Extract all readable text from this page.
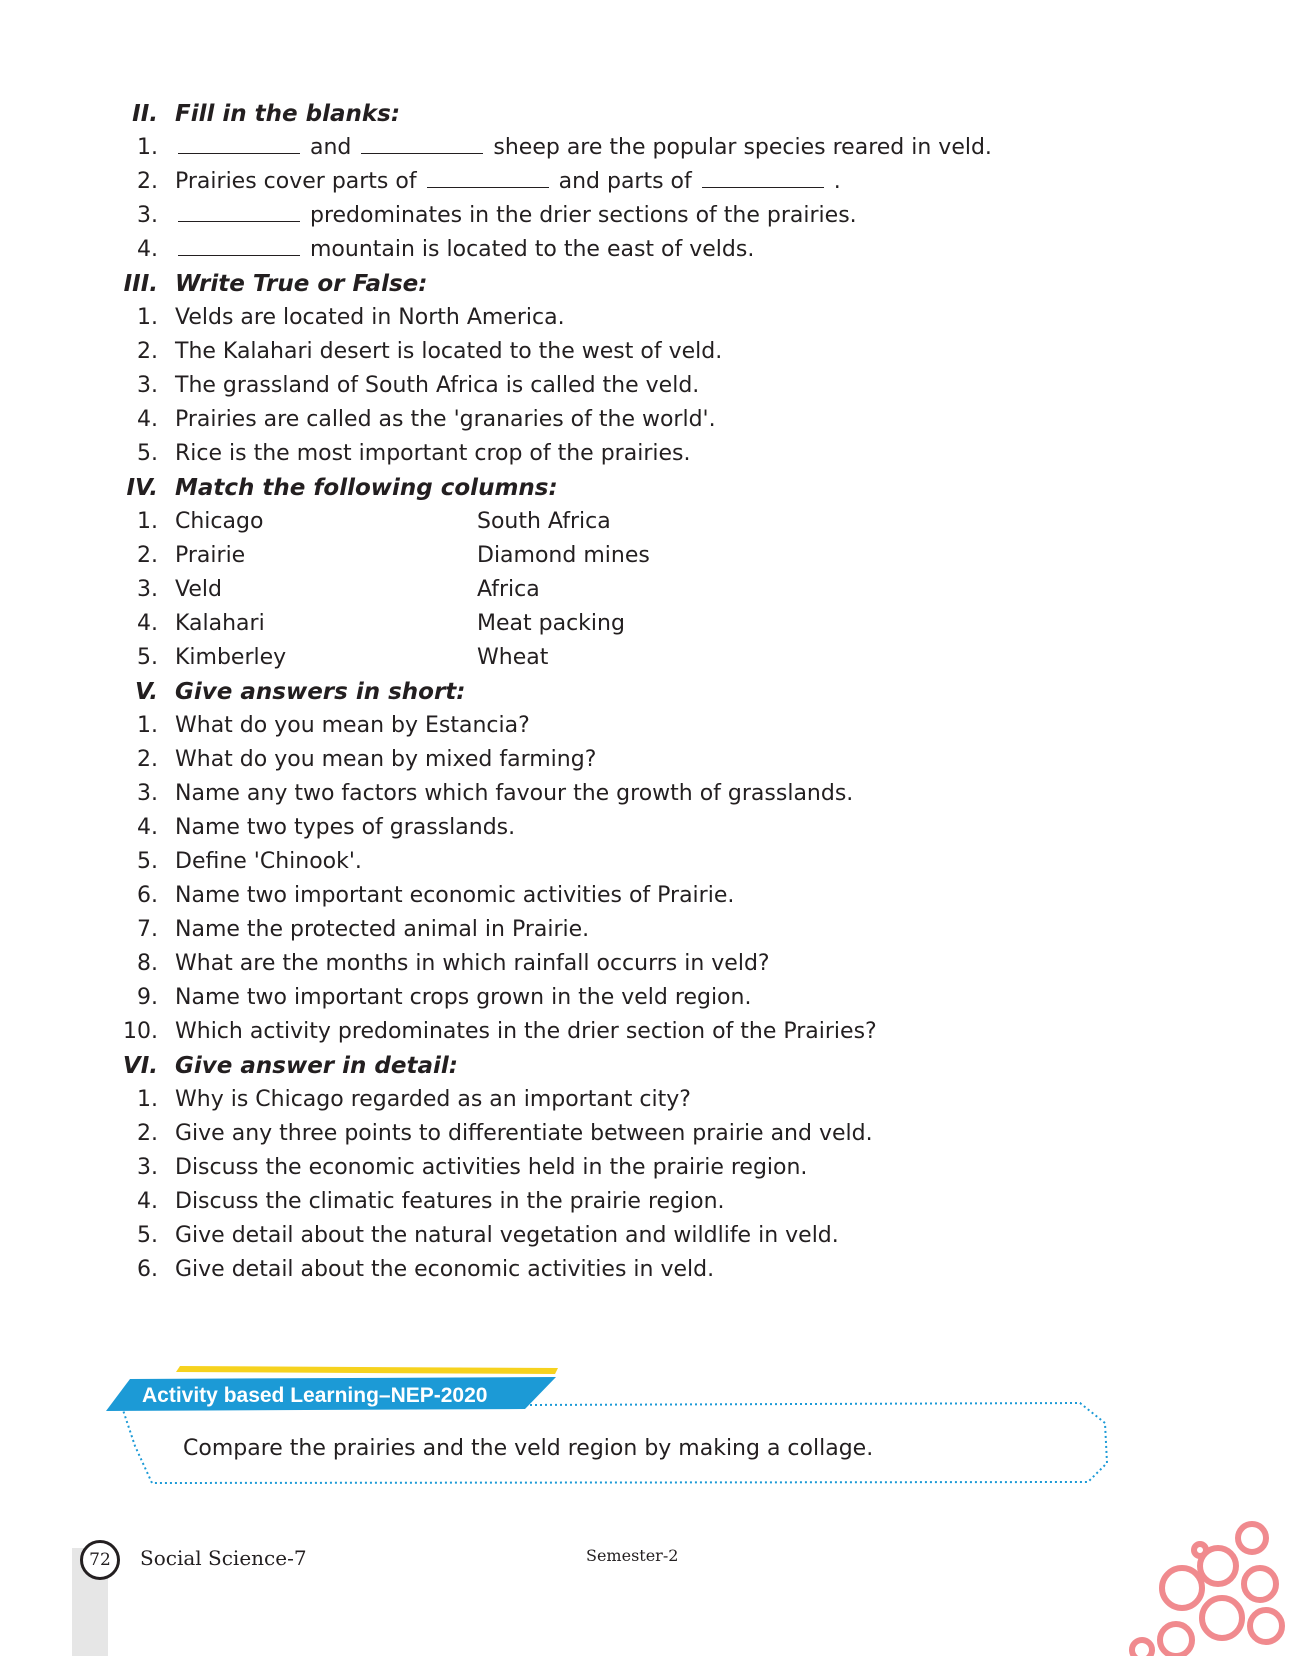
II. Fill in the blanks:
1.	and	sheep are the popular species reared in veld.
2. Prairies cover parts of	and parts of	.
3.	predominates in the drier sections of the prairies.
4.	mountain is located to the east of velds.
III. Write True or False:
1. Velds are located in North America.
2. The Kalahari desert is located to the west of veld.
3. The grassland of South Africa is called the veld.
4. Prairies are called as the 'granaries of the world'.
5. Rice is the most important crop of the prairies.
IV. Match the following columns:
1. Chicago	South Africa
2. Prairie	Diamond mines
3. Veld	Africa
4. Kalahari	Meat packing
5. Kimberley	Wheat
V. Give answers in short:
1. What do you mean by Estancia?
2. What do you mean by mixed farming?
3. Name any two factors which favour the growth of grasslands.
4. Name two types of grasslands.
5. Define 'Chinook'.
6. Name two important economic activities of Prairie.
7. Name the protected animal in Prairie.
8. What are the months in which rainfall occurrs in veld?
9. Name two important crops grown in the veld region.
10. Which activity predominates in the drier section of the Prairies?
VI. Give answer in detail:
1. Why is Chicago regarded as an important city?
2. Give any three points to differentiate between prairie and veld.
3. Discuss the economic activities held in the prairie region.
4. Discuss the climatic features in the prairie region.
5. Give detail about the natural vegetation and wildlife in veld.
6. Give detail about the economic activities in veld.
Activity based Learning–NEP-2020
Compare the prairies and the veld region by making a collage.
72	Social Science-7	Semester-2
